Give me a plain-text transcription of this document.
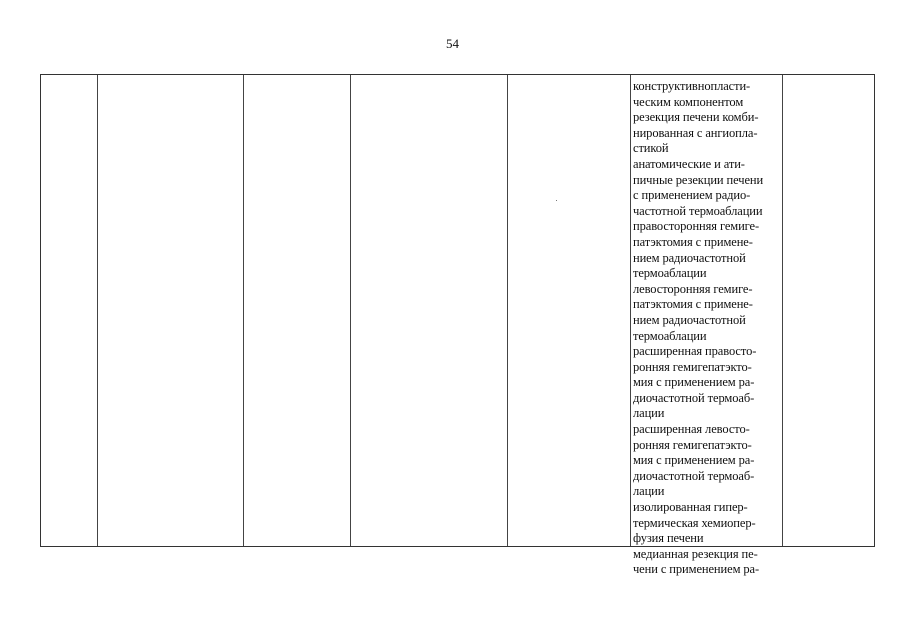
54
конструктивнопласти-
ческим компонентом
резекция печени комби-
нированная с ангиопла-
стикой
анатомические и ати-
пичные резекции печени
с применением радио-
частотной термоаблации
правосторонняя гемиге-
патэктомия с примене-
нием радиочастотной
термоаблации
левосторонняя гемиге-
патэктомия с примене-
нием радиочастотной
термоаблации
расширенная правосто-
ронняя гемигепатэкто-
мия с применением ра-
диочастотной термоаб-
лации
расширенная левосто-
ронняя гемигепатэкто-
мия с применением ра-
диочастотной термоаб-
лации
изолированная гипер-
термическая хемиопер-
фузия печени
медианная резекция пе-
чени с применением ра-
